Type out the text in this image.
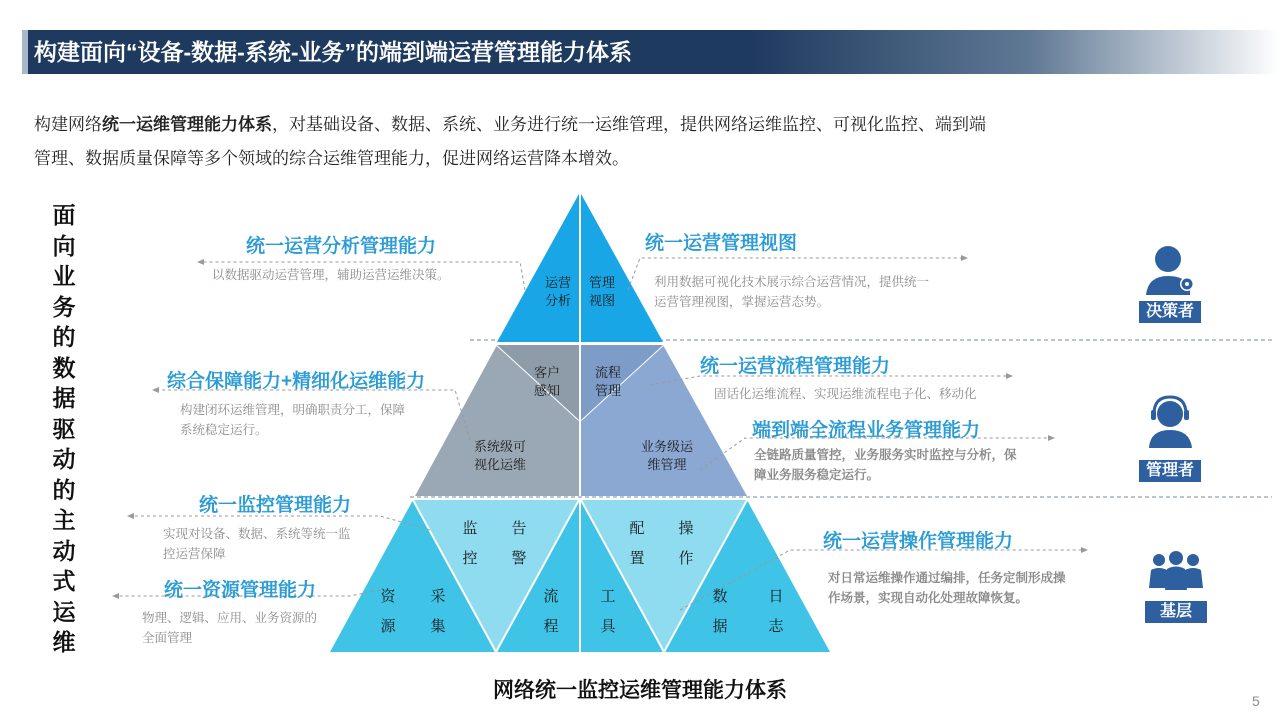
构建面向“设备-数据-系统-业务”的端到端运营管理能力体系
构建网络统一运维管理能力体系，对基础设备、数据、系统、业务进行统一运维管理，提供网络运维监控、可视化监控、端到端
管理、数据质量保障等多个领域的综合运维管理能力，促进网络运营降本增效。
面向业务的数据驱动的主动式运维
运营
分析
管理
视图
客户
感知
流程
管理
系统级可
视化运维
业务级运
维管理
监
控
告
警
配
置
操
作
资
源
采
集
流
程
工
具
数
据
日
志
统一运营分析管理能力
以数据驱动运营管理，辅助运营运维决策。
综合保障能力+精细化运维能力
构建闭环运维管理，明确职责分工，保障
系统稳定运行。
统一监控管理能力
实现对设备、数据、系统等统一监
控运营保障
统一资源管理能力
物理、逻辑、应用、业务资源的
全面管理
统一运营管理视图
利用数据可视化技术展示综合运营情况，提供统一
运营管理视图，掌握运营态势。
统一运营流程管理能力
固话化运维流程、实现运维流程电子化、移动化
端到端全流程业务管理能力
全链路质量管控，业务服务实时监控与分析，保
障业务服务稳定运行。
统一运营操作管理能力
对日常运维操作通过编排，任务定制形成操
作场景，实现自动化处理故障恢复。
决策者
管理者
基层
网络统一监控运维管理能力体系	5
